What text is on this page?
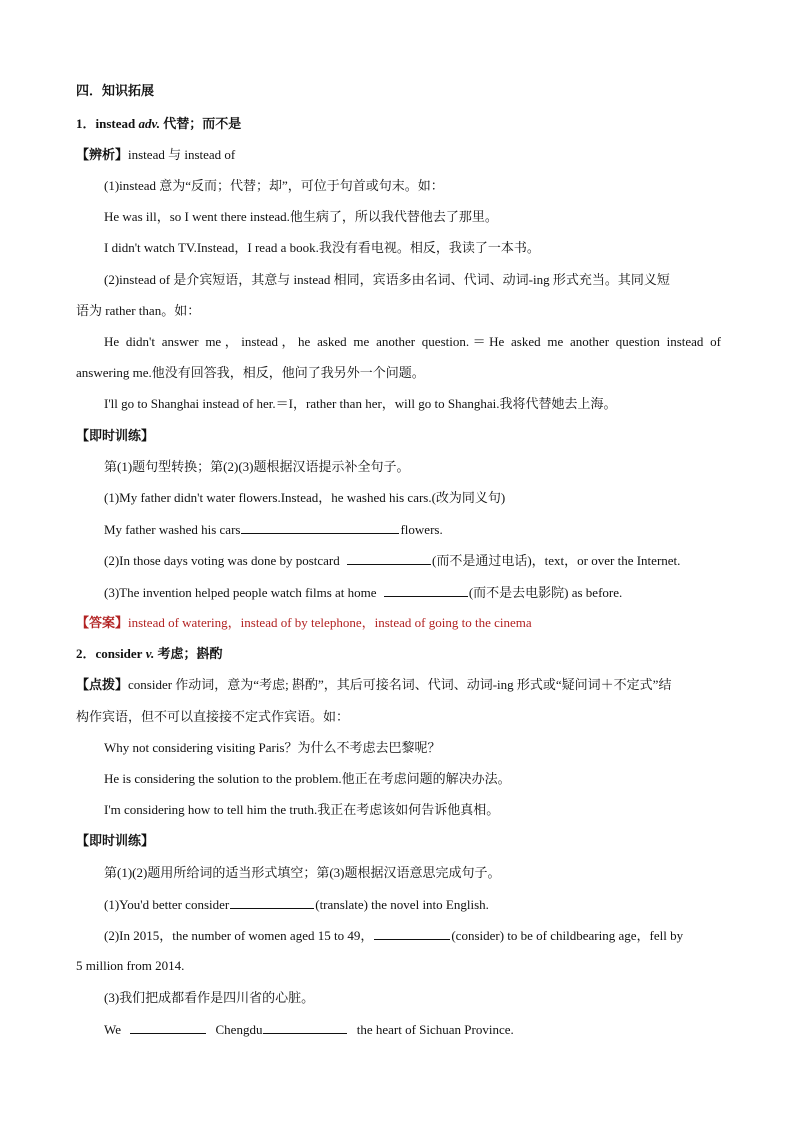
四．知识拓展
1．instead adv. 代替；而不是
【辨析】instead 与 instead of
(1)instead 意为“反而；代替；却”，可位于句首或句末。如：
He was ill，so I went there instead.他生病了，所以我代替他去了那里。
I didn't watch TV.Instead，I read a book.我没有看电视。相反，我读了一本书。
(2)instead of 是介宾短语，其意与 instead 相同，宾语多由名词、代词、动词-ing 形式充当。其同义短
语为 rather than。如：
He didn't answer me，instead，he asked me another question.＝He asked me another question instead of
answering me.他没有回答我，相反，他问了我另外一个问题。
I'll go to Shanghai instead of her.＝I，rather than her，will go to Shanghai.我将代替她去上海。
【即时训练】
第(1)题句型转换；第(2)(3)题根据汉语提示补全句子。
(1)My father didn't water flowers.Instead，he washed his cars.(改为同义句)
My father washed his cars	flowers.
(2)In those days voting was done by postcard	(而不是通过电话)，text，or over the Internet.
(3)The invention helped people watch films at home	(而不是去电影院) as before.
【答案】instead of watering，instead of by telephone，instead of going to the cinema
2．consider v. 考虑；斟酌
【点拨】consider 作动词，意为“考虑; 斟酌”，其后可接名词、代词、动词-ing 形式或“疑问词＋不定式”结
构作宾语，但不可以直接接不定式作宾语。如：
Why not considering visiting Paris？为什么不考虑去巴黎呢？
He is considering the solution to the problem.他正在考虑问题的解决办法。
I'm considering how to tell him the truth.我正在考虑该如何告诉他真相。
【即时训练】
第(1)(2)题用所给词的适当形式填空；第(3)题根据汉语意思完成句子。
(1)You'd better consider	(translate) the novel into English.
(2)In 2015，the number of women aged 15 to 49，	(consider) to be of childbearing age，fell by
5 million from 2014.
(3)我们把成都看作是四川省的心脏。
We	Chengdu	the heart of Sichuan Province.
